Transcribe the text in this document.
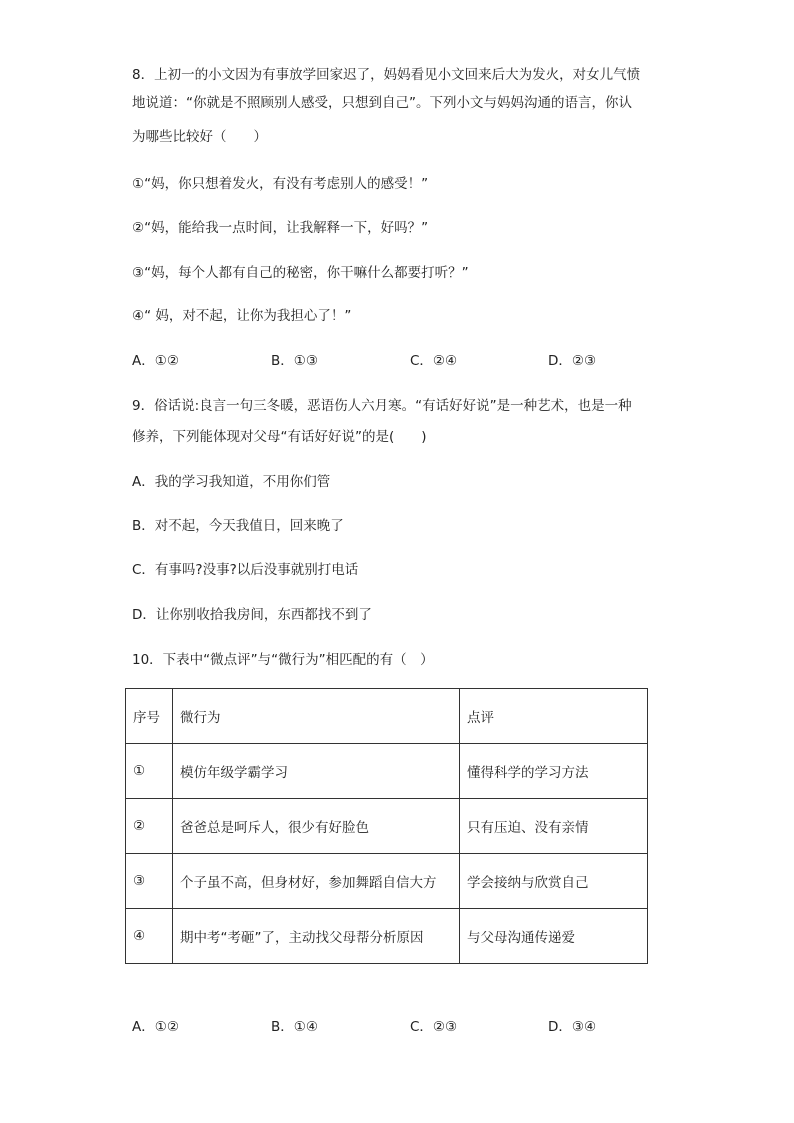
8．上初一的小文因为有事放学回家迟了，妈妈看见小文回来后大为发火，对女儿气愤
地说道：“你就是不照顾别人感受，只想到自己”。下列小文与妈妈沟通的语言，你认
为哪些比较好（　　）
①“妈，你只想着发火，有没有考虑别人的感受！”
②“妈，能给我一点时间，让我解释一下，好吗？”
③“妈，每个人都有自己的秘密，你干嘛什么都要打听？”
④“ 妈，对不起，让你为我担心了！”
A．①②	B．①③	C．②④	D．②③
9．俗话说:良言一句三冬暖，恶语伤人六月寒。“有话好好说”是一种艺术，也是一种
修养，下列能体现对父母“有话好好说”的是(　　)
A．我的学习我知道，不用你们管
B．对不起，今天我值日，回来晚了
C．有事吗?没事?以后没事就别打电话
D．让你别收拾我房间，东西都找不到了
10．下表中“微点评”与“微行为”相匹配的有（　）
序号	微行为	点评
①	模仿年级学霸学习	懂得科学的学习方法
②	爸爸总是呵斥人，很少有好脸色	只有压迫、没有亲情
③	个子虽不高，但身材好，参加舞蹈自信大方	学会接纳与欣赏自己
④	期中考“考砸”了，主动找父母帮分析原因	与父母沟通传递爱
A．①②	B．①④	C．②③	D．③④
